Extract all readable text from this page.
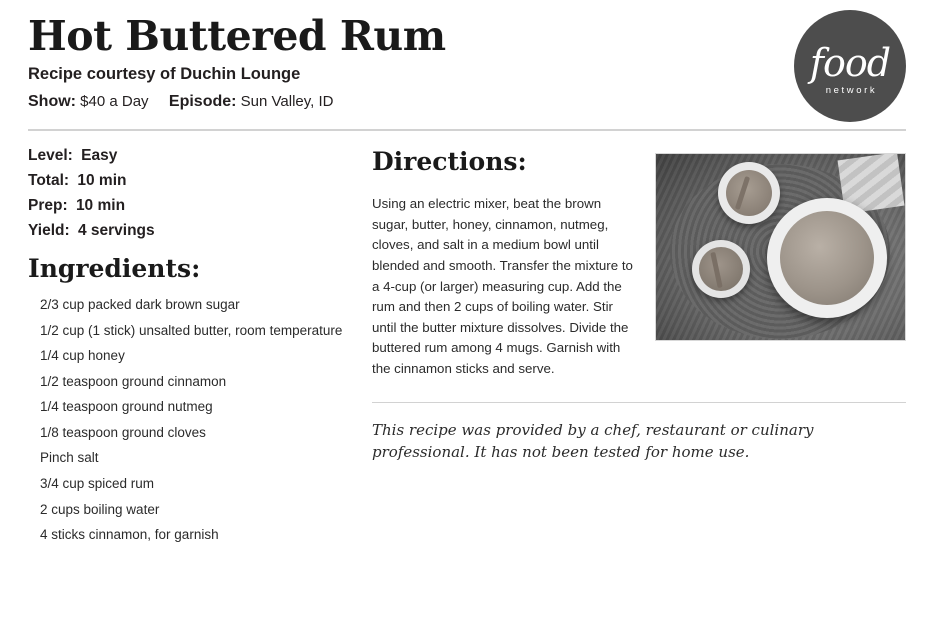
Hot Buttered Rum
Recipe courtesy of Duchin Lounge
Show: $40 a Day Episode: Sun Valley, ID
food
network
Level: Easy
Total: 10 min
Prep: 10 min
Yield: 4 servings
Ingredients:
2/3 cup packed dark brown sugar
1/2 cup (1 stick) unsalted butter, room temperature
1/4 cup honey
1/2 teaspoon ground cinnamon
1/4 teaspoon ground nutmeg
1/8 teaspoon ground cloves
Pinch salt
3/4 cup spiced rum
2 cups boiling water
4 sticks cinnamon, for garnish
Directions:

Using an electric mixer, beat the brown sugar, butter, honey, cinnamon, nutmeg, cloves, and salt in a medium bowl until blended and smooth. Transfer the mixture to a 4-cup (or larger) measuring cup. Add the rum and then 2 cups of boiling water. Stir until the butter mixture dissolves. Divide the buttered rum among 4 mugs. Garnish with the cinnamon sticks and serve.

This recipe was provided by a chef, restaurant or culinary professional. It has not been tested for home use.
